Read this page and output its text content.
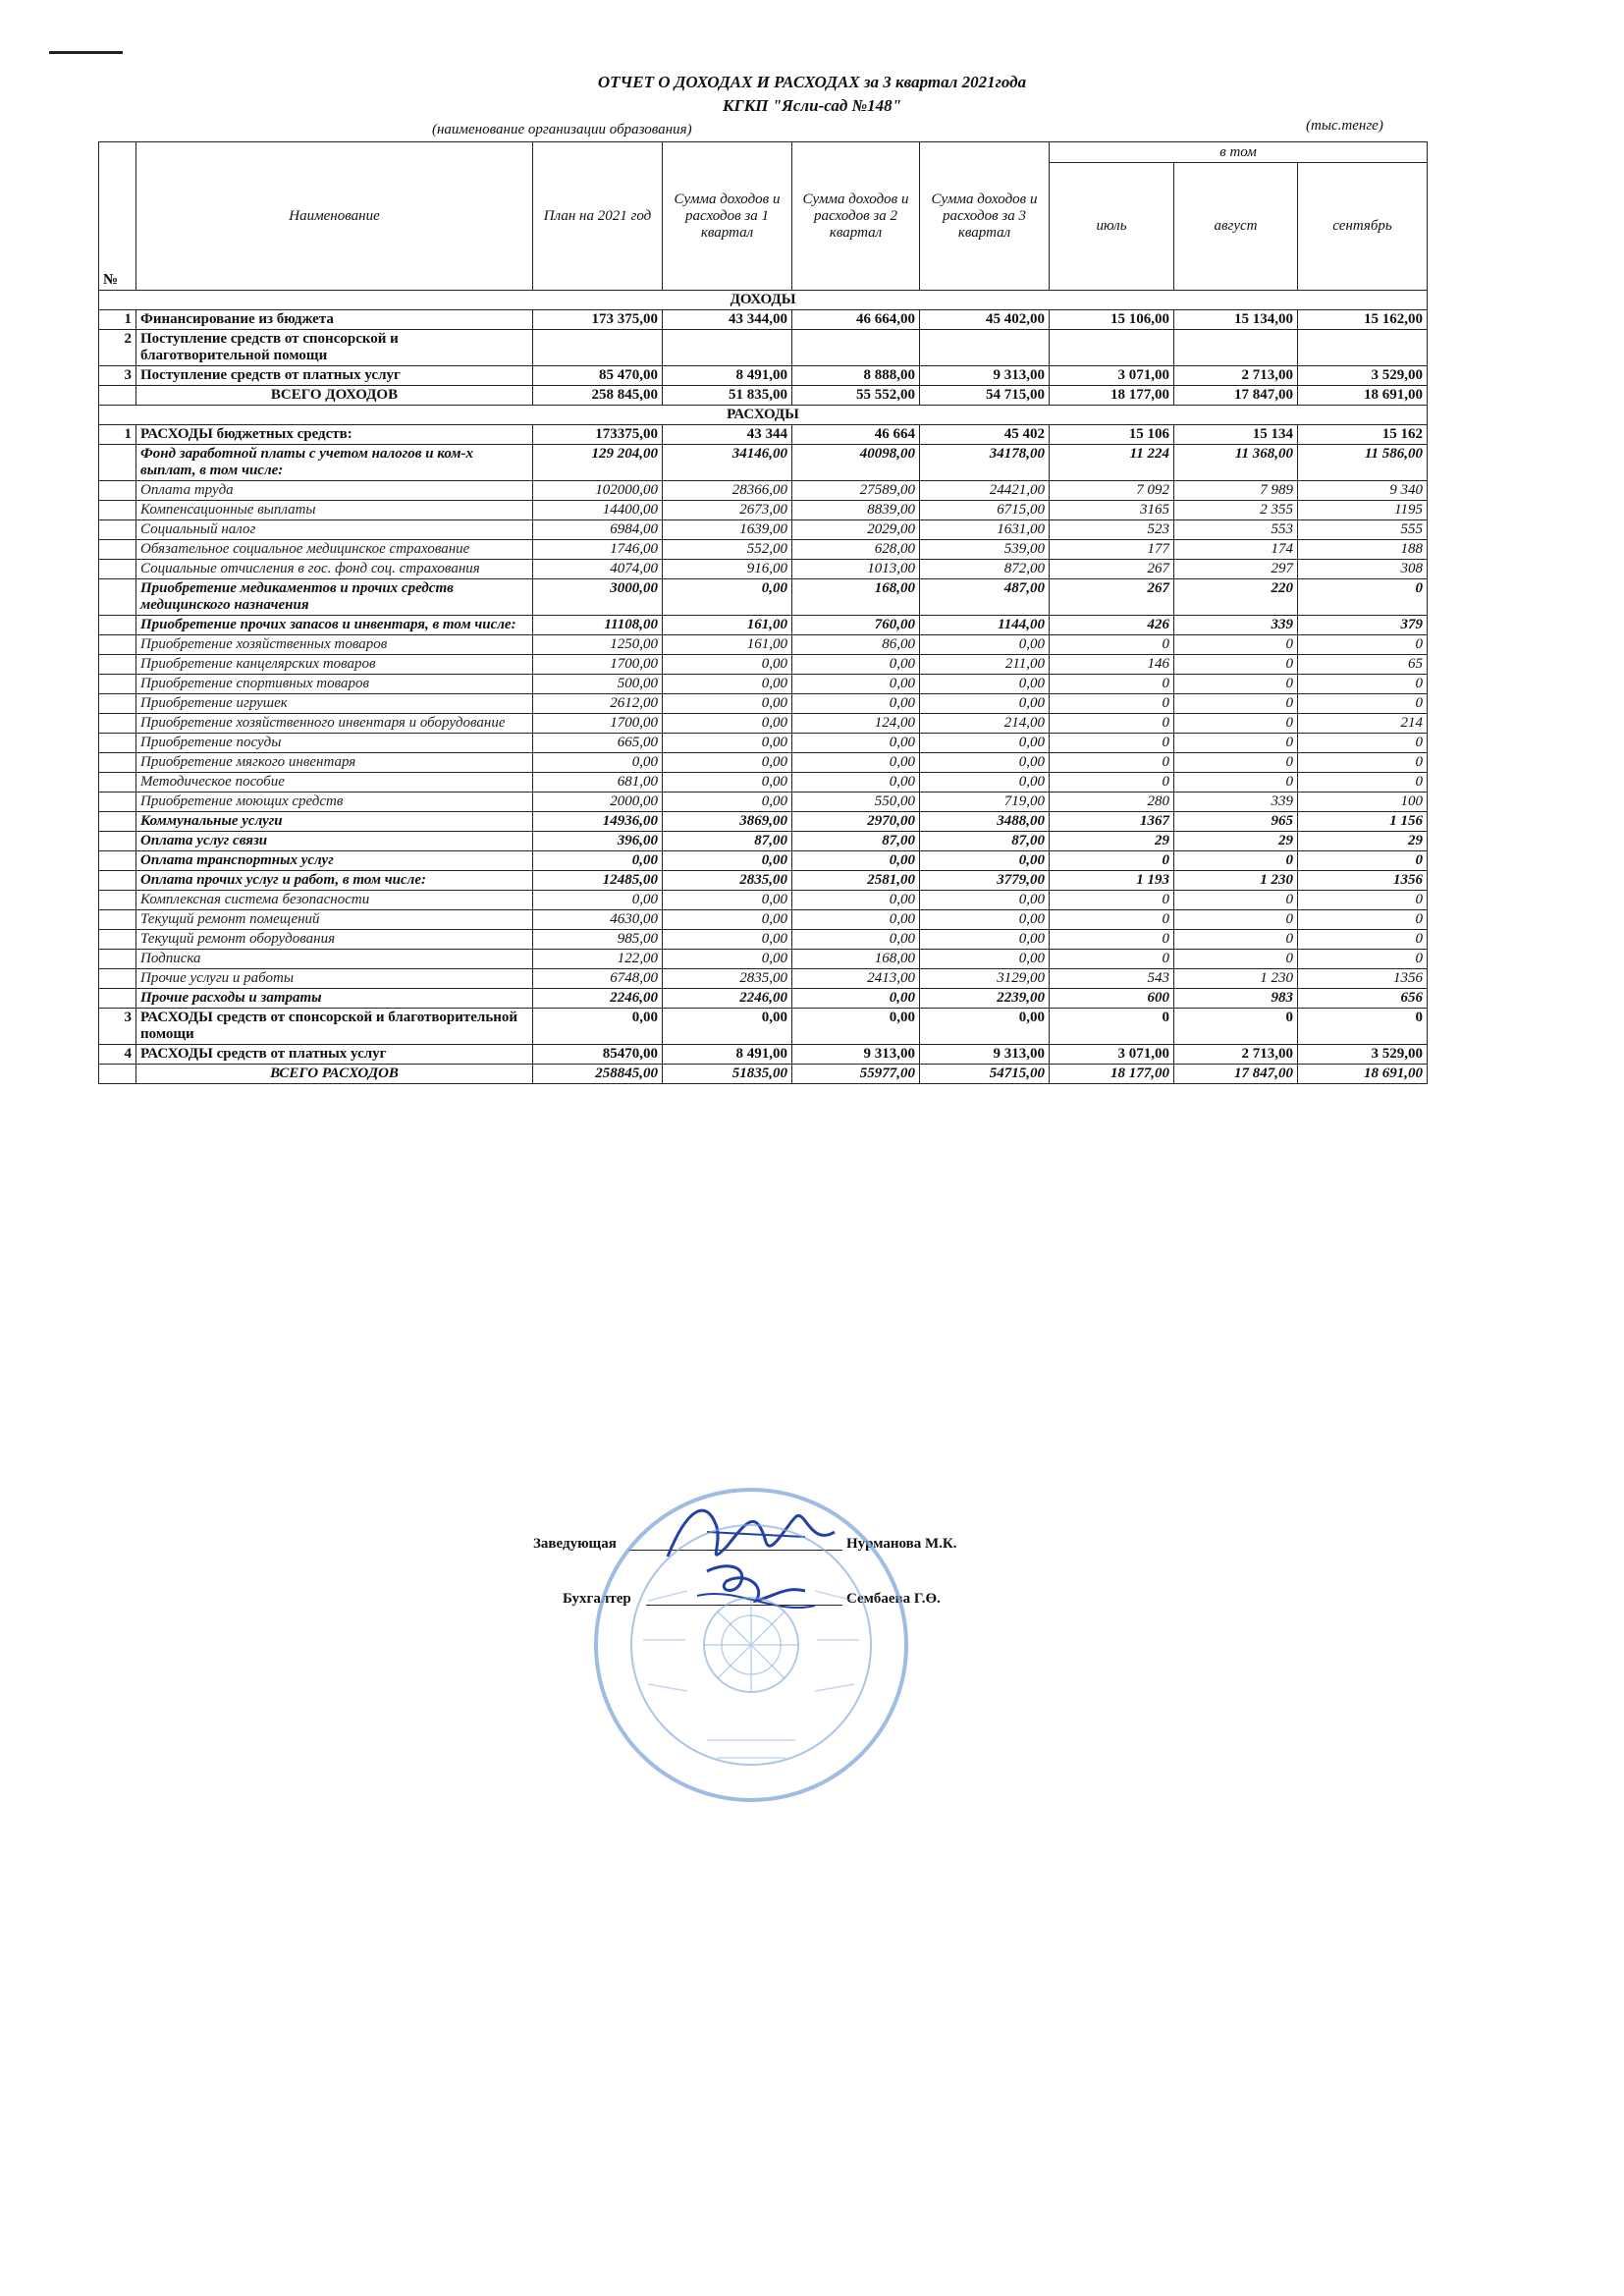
ОТЧЕТ О ДОХОДАХ И РАСХОДАХ за 3 квартал 2021года
КГКП "Ясли-сад №148"
(наименование организации образования)	(тыс.тенге)
№	Наименование	План на 2021 год	Сумма доходов и расходов за 1 квартал	Сумма доходов и расходов за 2 квартал	Сумма доходов и расходов за 3 квартал	в том		
						июль	август	сентябрь
ДОХОДЫ								
1	Финансирование из бюджета	173 375,00	43 344,00	46 664,00	45 402,00	15 106,00	15 134,00	15 162,00
2	Поступление средств от спонсорской и благотворительной помощи							
3	Поступление средств от платных услуг	85 470,00	8 491,00	8 888,00	9 313,00	3 071,00	2 713,00	3 529,00
	ВСЕГО ДОХОДОВ	258 845,00	51 835,00	55 552,00	54 715,00	18 177,00	17 847,00	18 691,00
РАСХОДЫ								
1	РАСХОДЫ бюджетных средств:	173375,00	43 344	46 664	45 402	15 106	15 134	15 162
	Фонд заработной платы с учетом налогов и ком-х выплат, в том числе:	129 204,00	34146,00	40098,00	34178,00	11 224	11 368,00	11 586,00
	Оплата труда	102000,00	28366,00	27589,00	24421,00	7 092	7 989	9 340
	Компенсационные выплаты	14400,00	2673,00	8839,00	6715,00	3165	2 355	1195
	Социальный налог	6984,00	1639,00	2029,00	1631,00	523	553	555
	Обязательное социальное медицинское страхование	1746,00	552,00	628,00	539,00	177	174	188
	Социальные отчисления в гос. фонд соц. страхования	4074,00	916,00	1013,00	872,00	267	297	308
	Приобретение медикаментов и прочих средств медицинского назначения	3000,00	0,00	168,00	487,00	267	220	0
	Приобретение прочих запасов и инвентаря, в том числе:	11108,00	161,00	760,00	1144,00	426	339	379
	Приобретение хозяйственных товаров	1250,00	161,00	86,00	0,00	0	0	0
	Приобретение канцелярских товаров	1700,00	0,00	0,00	211,00	146	0	65
	Приобретение спортивных товаров	500,00	0,00	0,00	0,00	0	0	0
	Приобретение игрушек	2612,00	0,00	0,00	0,00	0	0	0
	Приобретение хозяйственного инвентаря и оборудование	1700,00	0,00	124,00	214,00	0	0	214
	Приобретение посуды	665,00	0,00	0,00	0,00	0	0	0
	Приобретение мягкого инвентаря	0,00	0,00	0,00	0,00	0	0	0
	Методическое пособие	681,00	0,00	0,00	0,00	0	0	0
	Приобретение моющих средств	2000,00	0,00	550,00	719,00	280	339	100
	Коммунальные услуги	14936,00	3869,00	2970,00	3488,00	1367	965	1 156
	Оплата услуг связи	396,00	87,00	87,00	87,00	29	29	29
	Оплата транспортных услуг	0,00	0,00	0,00	0,00	0	0	0
	Оплата прочих услуг и работ, в том числе:	12485,00	2835,00	2581,00	3779,00	1 193	1 230	1356
	Комплексная система безопасности	0,00	0,00	0,00	0,00	0	0	0
	Текущий ремонт помещений	4630,00	0,00	0,00	0,00	0	0	0
	Текущий ремонт оборудования	985,00	0,00	0,00	0,00	0	0	0
	Подписка	122,00	0,00	168,00	0,00	0	0	0
	Прочие услуги и работы	6748,00	2835,00	2413,00	3129,00	543	1 230	1356
	Прочие расходы и затраты	2246,00	2246,00	0,00	2239,00	600	983	656
3	РАСХОДЫ средств от спонсорской и благотворительной помощи	0,00	0,00	0,00	0,00	0	0	0
4	РАСХОДЫ средств от платных услуг	85470,00	8 491,00	9 313,00	9 313,00	3 071,00	2 713,00	3 529,00
	ВСЕГО РАСХОДОВ	258845,00	51835,00	55977,00	54715,00	18 177,00	17 847,00	18 691,00
Заведующая	Нурманова М.К.
Бухгалтер	Сембаева Г.Ө.
